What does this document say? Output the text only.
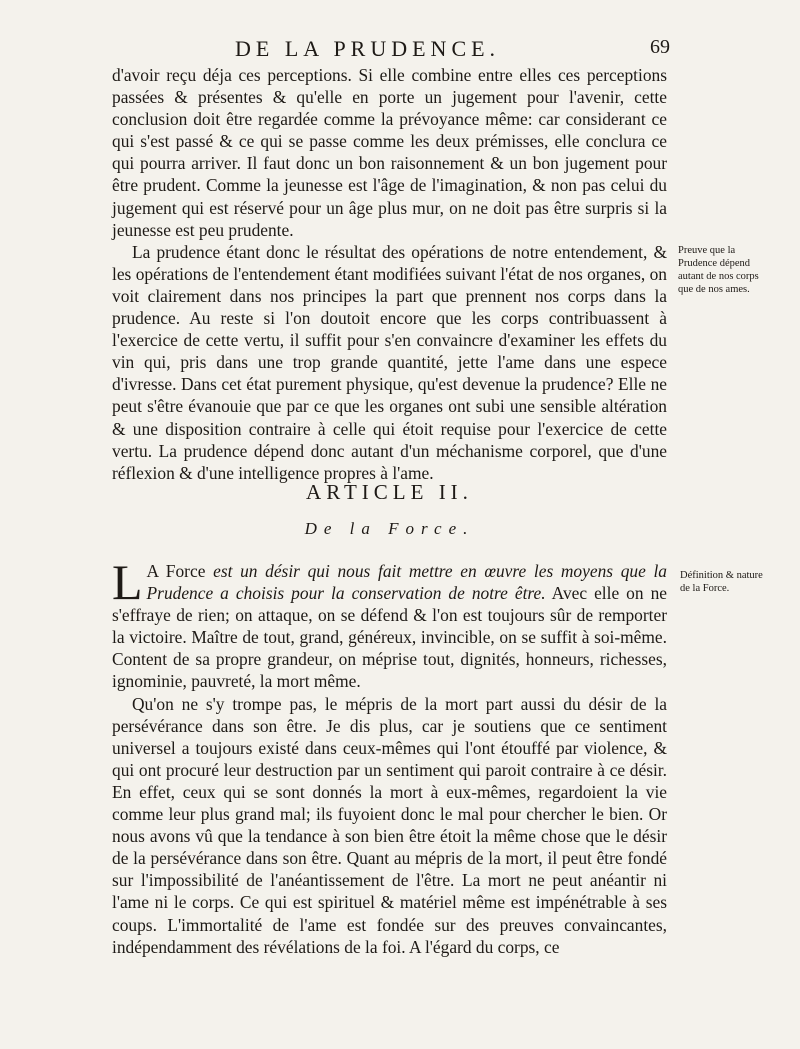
DE LA PRUDENCE.	69

d'avoir reçu déja ces perceptions. Si elle combine entre elles ces perceptions passées & présentes & qu'elle en porte un jugement pour l'avenir, cette conclusion doit être regardée comme la prévoyance même: car considerant ce qui s'est passé & ce qui se passe comme les deux prémisses, elle conclura ce qui pourra arriver. Il faut donc un bon raisonnement & un bon jugement pour être prudent. Comme la jeunesse est l'âge de l'imagination, & non pas celui du jugement qui est réservé pour un âge plus mur, on ne doit pas être surpris si la jeunesse est peu prudente.

La prudence étant donc le résultat des opérations de notre entendement, & les opérations de l'entendement étant modifiées suivant l'état de nos organes, on voit clairement dans nos principes la part que prennent nos corps dans la prudence. Au reste si l'on doutoit encore que les corps contribuassent à l'exercice de cette vertu, il suffit pour s'en convaincre d'examiner les effets du vin qui, pris dans une trop grande quantité, jette l'ame dans une espece d'ivresse. Dans cet état purement physique, qu'est devenue la prudence? Elle ne peut s'être évanouie que par ce que les organes ont subi une sensible altération & une disposition contraire à celle qui étoit requise pour l'exercice de cette vertu. La prudence dépend donc autant d'un méchanisme corporel, que d'une réflexion & d'une intelligence propres à l'ame.

Preuve que la Prudence dépend autant de nos corps que de nos ames.
ARTICLE II.
De la Force.

L A Force est un désir qui nous fait mettre en œuvre les moyens que la Prudence a choisis pour la conservation de notre être. Avec elle on ne s'effraye de rien; on attaque, on se défend & l'on est toujours sûr de remporter la victoire. Maître de tout, grand, généreux, invincible, on se suffit à soi-même. Content de sa propre grandeur, on méprise tout, dignités, honneurs, richesses, ignominie, pauvreté, la mort même.

Qu'on ne s'y trompe pas, le mépris de la mort part aussi du désir de la persévérance dans son être. Je dis plus, car je soutiens que ce sentiment universel a toujours existé dans ceux-mêmes qui l'ont étouffé par violence, & qui ont procuré leur destruction par un sentiment qui paroit contraire à ce désir. En effet, ceux qui se sont donnés la mort à eux-mêmes, regardoient la vie comme leur plus grand mal; ils fuyoient donc le mal pour chercher le bien. Or nous avons vû que la tendance à son bien être étoit la même chose que le désir de la persévérance dans son être. Quant au mépris de la mort, il peut être fondé sur l'impossibilité de l'anéantissement de l'être. La mort ne peut anéantir ni l'ame ni le corps. Ce qui est spirituel & matériel même est impénétrable à ses coups. L'immortalité de l'ame est fondée sur des preuves convaincantes, indépendamment des révélations de la foi. A l'égard du corps, ce

Définition & nature de la Force.
